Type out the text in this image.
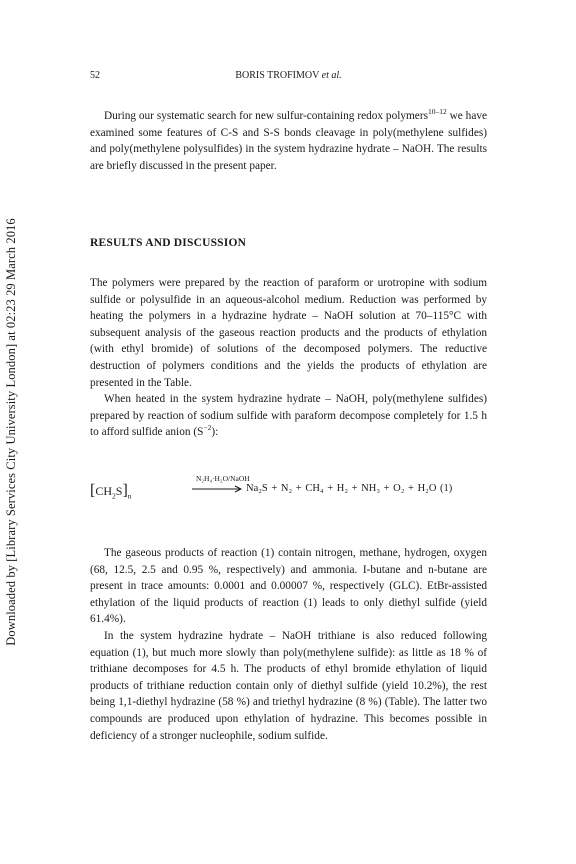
Downloaded by [Library Services City University London] at 02:23 29 March 2016
52	BORIS TROFIMOV et al.

During our systematic search for new sulfur-containing redox polymers$^{10-12}$ we have examined some features of C-S and S-S bonds cleavage in poly(methylene sulfides) and poly(methylene polysulfides) in the system hydrazine hydrate – NaOH. The results are briefly discussed in the present paper.

RESULTS AND DISCUSSION

The polymers were prepared by the reaction of paraform or urotropine with sodium sulfide or polysulfide in an aqueous-alcohol medium. Reduction was performed by heating the polymers in a hydrazine hydrate – NaOH solution at 70–115°C with subsequent analysis of the gaseous reaction products and the products of ethylation (with ethyl bromide) of solutions of the decomposed polymers. The reductive destruction of polymers conditions and the yields the products of ethylation are presented in the Table.

When heated in the system hydrazine hydrate – NaOH, poly(methylene sulfides) prepared by reaction of sodium sulfide with paraform decompose completely for 1.5 h to afford sulfide anion $(S^{-2})$:

$[CH_2S]_n$
N₂H₄·H₂O/NaOH
Na₂S + N₂ + CH₄ + H₂ + NH₃ + O₂ + H₂O (1)

The gaseous products of reaction (1) contain nitrogen, methane, hydrogen, oxygen (68, 12.5, 2.5 and 0.95 %, respectively) and ammonia. I-butane and n-butane are present in trace amounts: 0.0001 and 0.00007 %, respectively (GLC). EtBr-assisted ethylation of the liquid products of reaction (1) leads to only diethyl sulfide (yield 61.4%).

In the system hydrazine hydrate – NaOH trithiane is also reduced following equation (1), but much more slowly than poly(methylene sulfide): as little as 18 % of trithiane decomposes for 4.5 h. The products of ethyl bromide ethylation of liquid products of trithiane reduction contain only of diethyl sulfide (yield 10.2%), the rest being 1,1-diethyl hydrazine (58 %) and triethyl hydrazine (8 %) (Table). The latter two compounds are produced upon ethylation of hydrazine. This becomes possible in deficiency of a stronger nucleophile, sodium sulfide.
